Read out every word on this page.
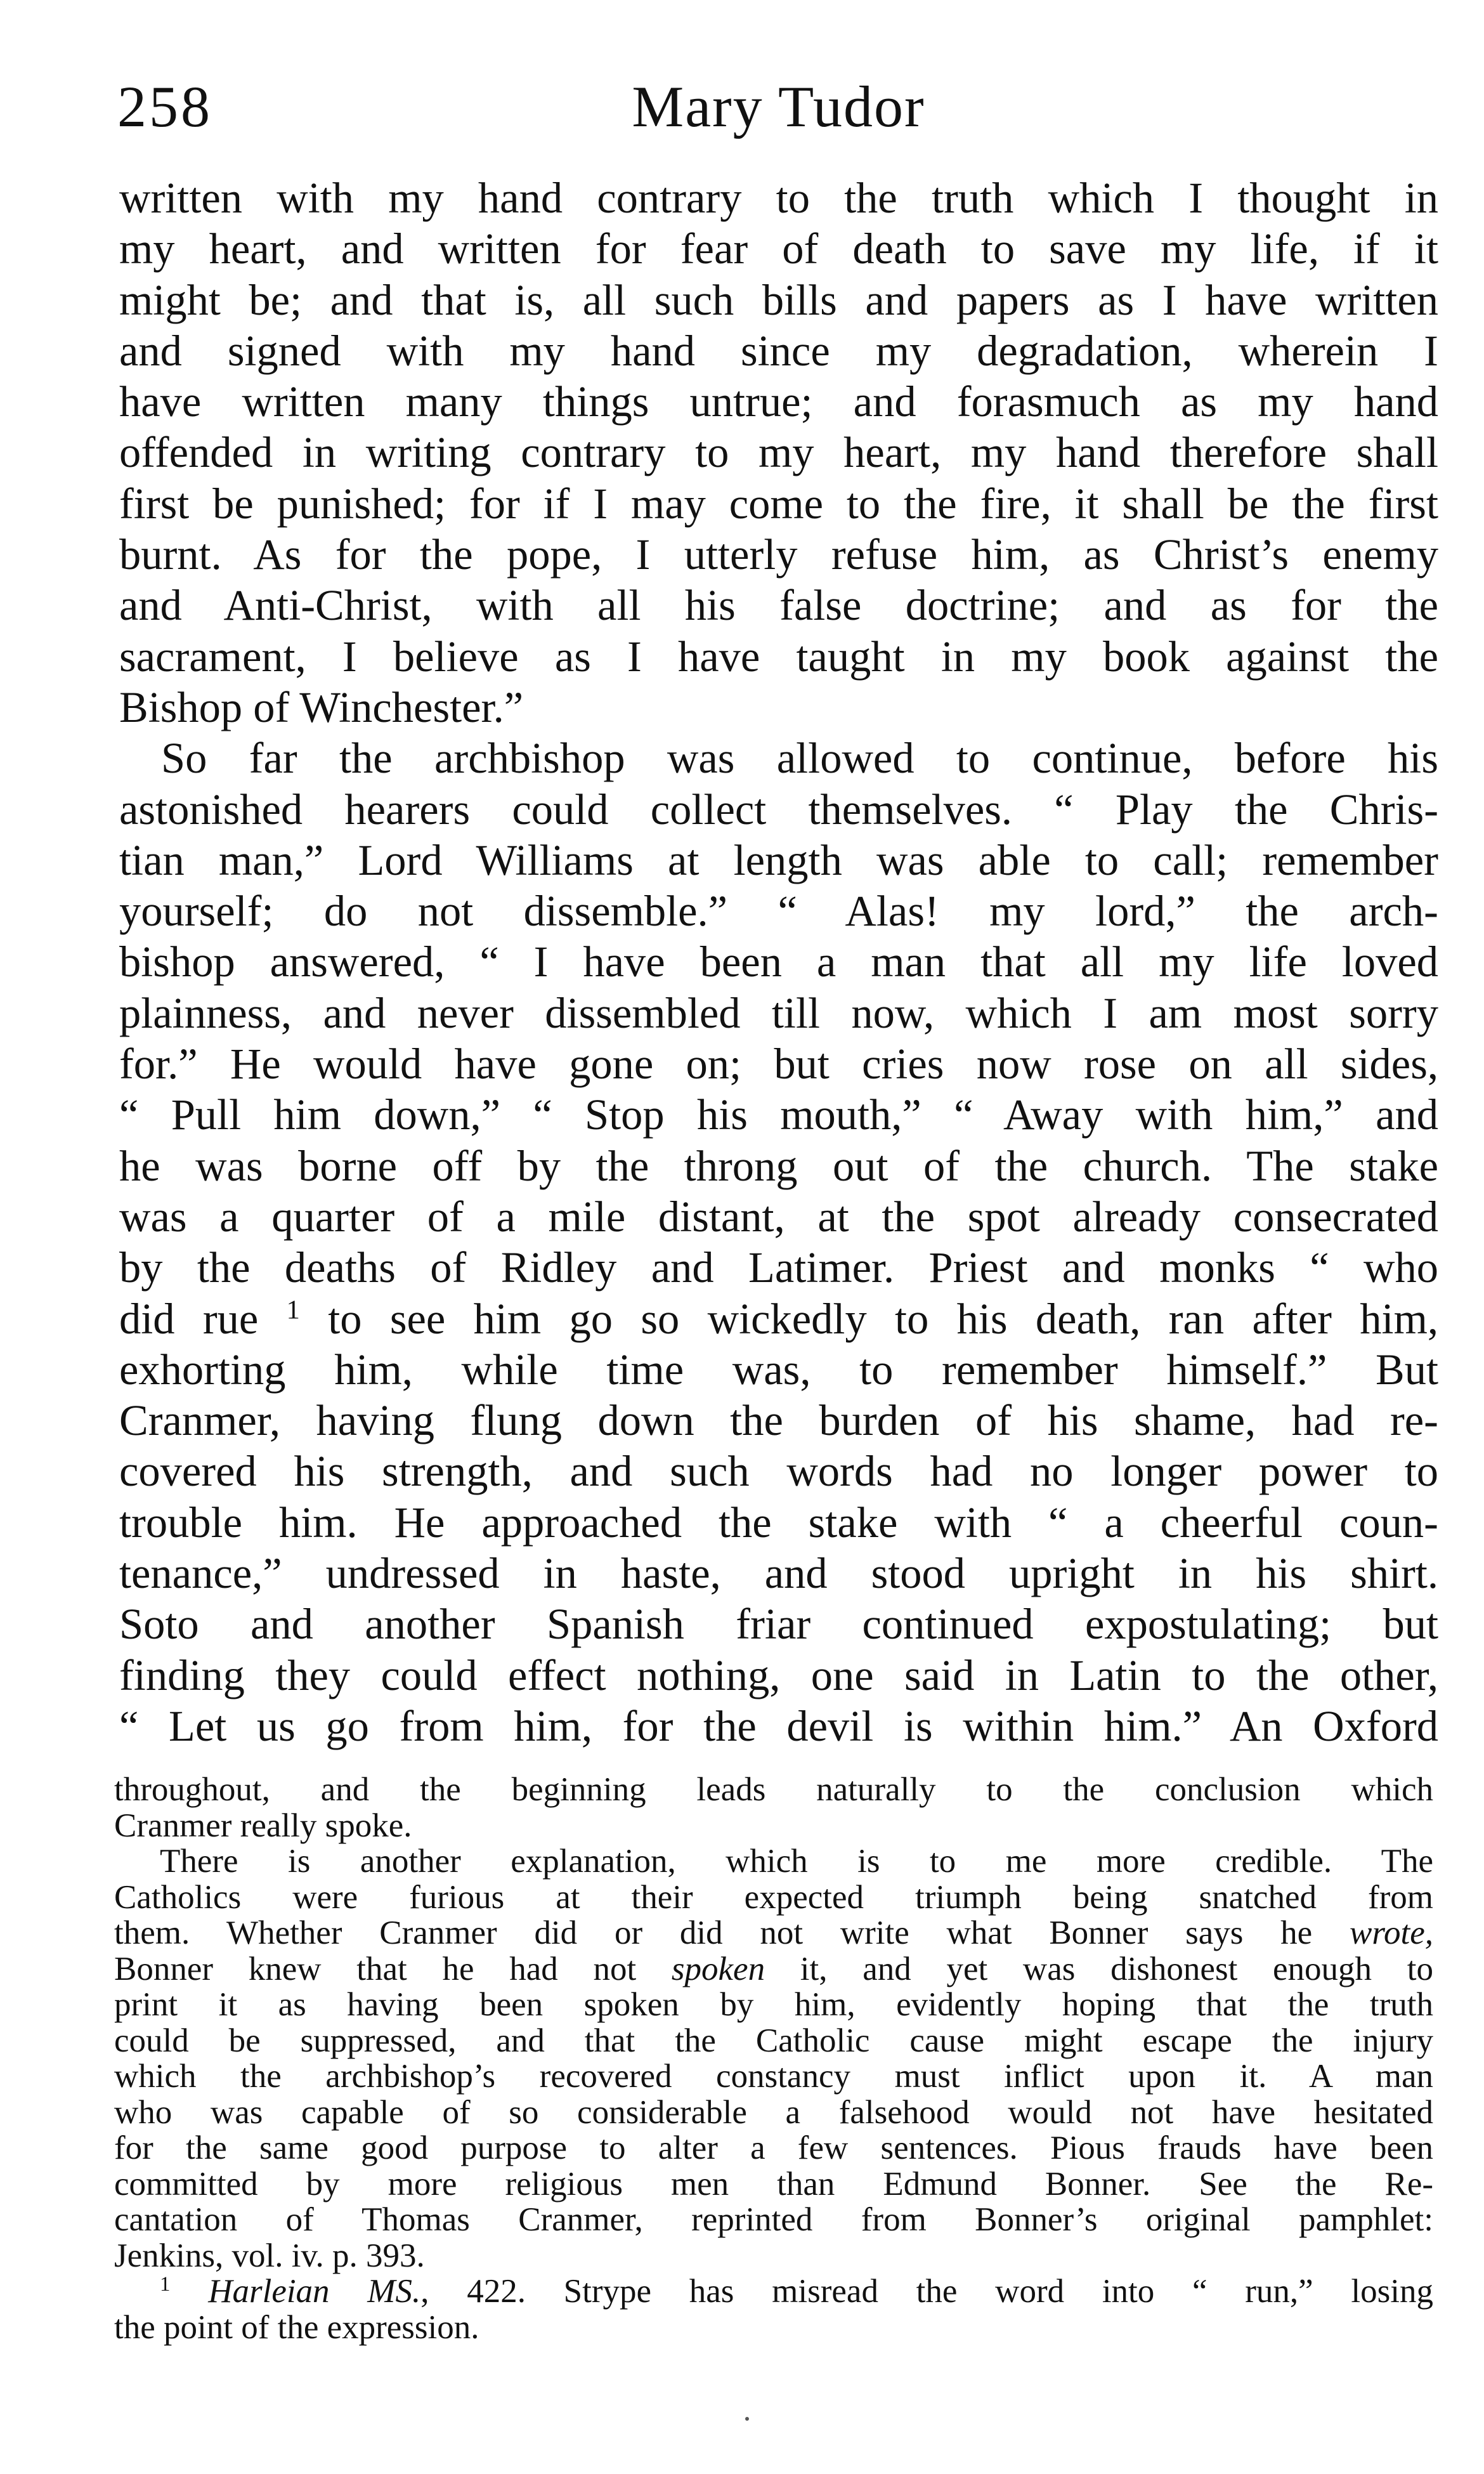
258	Mary Tudor
written with my hand contrary to the truth which I thought in
my heart, and written for fear of death to save my life, if it
might be; and that is, all such bills and papers as I have written
and signed with my hand since my degradation, wherein I
have written many things untrue; and forasmuch as my hand
offended in writing contrary to my heart, my hand therefore shall
first be punished; for if I may come to the fire, it shall be the first
burnt. As for the pope, I utterly refuse him, as Christ’s enemy
and Anti-Christ, with all his false doctrine; and as for the
sacrament, I believe as I have taught in my book against the
Bishop of Winchester.”
So far the archbishop was allowed to continue, before his
astonished hearers could collect themselves. “ Play the Chris-
tian man,” Lord Williams at length was able to call; remember
yourself; do not dissemble.” “ Alas! my lord,” the arch-
bishop answered, “ I have been a man that all my life loved
plainness, and never dissembled till now, which I am most sorry
for.” He would have gone on; but cries now rose on all sides,
“ Pull him down,” “ Stop his mouth,” “ Away with him,” and
he was borne off by the throng out of the church. The stake
was a quarter of a mile distant, at the spot already consecrated
by the deaths of Ridley and Latimer. Priest and monks “ who
did rue $^1$ to see him go so wickedly to his death, ran after him,
exhorting him, while time was, to remember himself.” But
Cranmer, having flung down the burden of his shame, had re-
covered his strength, and such words had no longer power to
trouble him. He approached the stake with “ a cheerful coun-
tenance,” undressed in haste, and stood upright in his shirt.
Soto and another Spanish friar continued expostulating; but
finding they could effect nothing, one said in Latin to the other,
“ Let us go from him, for the devil is within him.” An Oxford
throughout, and the beginning leads naturally to the conclusion which
Cranmer really spoke.
There is another explanation, which is to me more credible. The
Catholics were furious at their expected triumph being snatched from
them. Whether Cranmer did or did not write what Bonner says he wrote,
Bonner knew that he had not spoken it, and yet was dishonest enough to
print it as having been spoken by him, evidently hoping that the truth
could be suppressed, and that the Catholic cause might escape the injury
which the archbishop’s recovered constancy must inflict upon it. A man
who was capable of so considerable a falsehood would not have hesitated
for the same good purpose to alter a few sentences. Pious frauds have been
committed by more religious men than Edmund Bonner. See the Re-
cantation of Thomas Cranmer, reprinted from Bonner’s original pamphlet:
Jenkins, vol. iv. p. 393.
$^1$ Harleian MS., 422. Strype has misread the word into “ run,” losing
the point of the expression.
